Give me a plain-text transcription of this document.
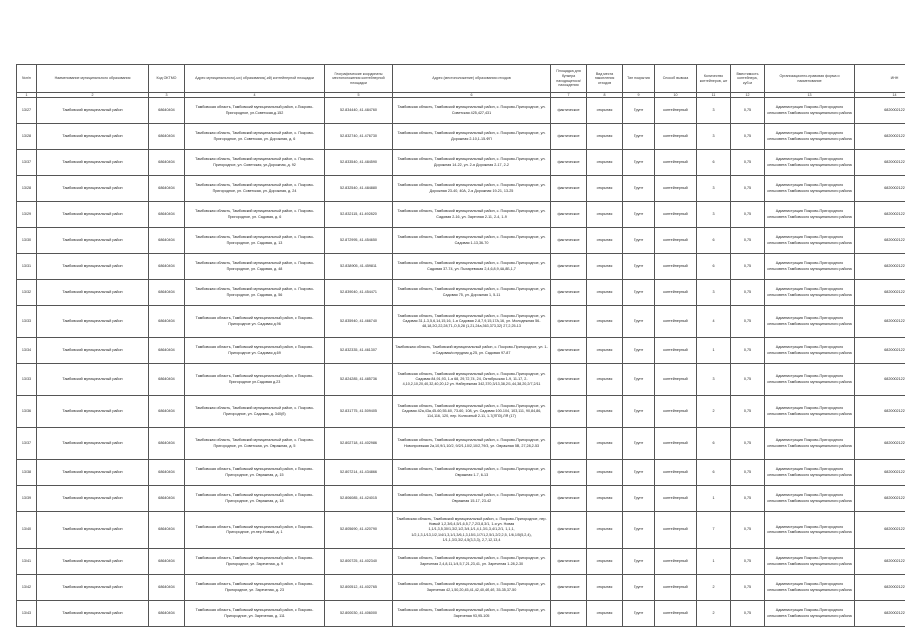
№п/п	Наименование муниципального образования	Код ОКТМО	Адрес муниципального(-ых) образования(-ий) контейнерной площадки	Географические координаты местоположения контейнерной площадки	Адрес (местоположение) образования отходов	Площадка для бункера находящегося/нахождения	Вид места накопления отходов	Тип покрытия	Способ вывоза	Количество контейнеров, шт	Вместимость контейнера, куб.м	Организационно-правовая форма и наименование	ИНН
1	2	3	4	5	6	7	8	9	10	11	12	13	14
13/27	Тамбовский муниципальный район	68640404	Тамбовская область, Тамбовский муниципальный район, с.Покрово-Пригородное, ул.Советская,д.152	52.834440, 41.484760	Тамбовская область, Тамбовский муниципальный район, с. Покрово-Пригородное, ул. Советская 425,427,431	фактическое	открытая	Грунт	контейнерный	3	0,75	Администрация Покрово-Пригородного сельсовета Тамбовского муниципального района	6820002122
13/28	Тамбовский муниципальный район	68640404	Тамбовская область, Тамбовский муниципальный район, с. Покрово-Пригородное, ул. Советская, ул. Дорожная, д. 6	52.832740, 41.476730	Тамбовская область, Тамбовский муниципальный район, с. Покрово-Пригородное, ул. Дорожная 2-10,1-15-ФП	фактическое	открытая	Грунт	контейнерный	3	0,75	Администрация Покрово-Пригородного сельсовета Тамбовского муниципального района	6820002122
13/37	Тамбовский муниципальный район	68640404	Тамбовская область, Тамбовский муниципальный район, с. Покрово-Пригородное, ул. Советская, ул.Дорожная, д. 92	52.833540, 41.484590	Тамбовская область, Тамбовский муниципальный район, с. Покрово-Пригородное, ул. Дорожная 14-22, ул. 2-я Дорожная 2-17, 2-2	фактическое	открытая	Грунт	контейнерный	6	0,75	Администрация Покрово-Пригородного сельсовета Тамбовского муниципального района	6820002122
13/28	Тамбовский муниципальный район	68640404	Тамбовская область, Тамбовский муниципальный район, с. Покрово-Пригородное, ул. Советская, ул. Дорожная, д. 24	52.832540, 41.484880	Тамбовская область, Тамбовский муниципальный район, с. Покрово-Пригородное, ул. Дорожная 23-40, 40А, 2-я Дорожная 19-21, 13-25	фактическое	открытая	Грунт	контейнерный	3	0,75	Администрация Покрово-Пригородного сельсовета Тамбовского муниципального района	6820002122
13/29	Тамбовский муниципальный район	68640404	Тамбовская область, Тамбовский муниципальный район, с. Покрово-Пригородное, ул. Садовая, д. 6	52.832115, 41.492820	Тамбовская область, Тамбовский муниципальный район, с. Покрово-Пригородное, ул. Садовая 2-16, ул. Заречная 2-11, 2-4, 1-9	фактическое	открытая	Грунт	контейнерный	3	0,75	Администрация Покрово-Пригородного сельсовета Тамбовского муниципального района	6820002122
13/30	Тамбовский муниципальный район	68640404	Тамбовская область, Тамбовский муниципальный район, с. Покрово-Пригородное, ул. Садовая, д. 13	52.872995, 41.454650	Тамбовская область, Тамбовский муниципальный район, с. Покрово-Пригородное, ул. Садовая 1-13,36-70	фактическое	открытая	Грунт	контейнерный	6	0,75	Администрация Покрово-Пригородного сельсовета Тамбовского муниципального района	6820002122
13/31	Тамбовский муниципальный район	68640404	Тамбовская область, Тамбовский муниципальный район, с. Покрово-Пригородное, ул. Садовая, д. 48	52.838905, 41.459811	Тамбовская область, Тамбовский муниципальный район, с. Покрово-Пригородное, ул. Садовая 37-74, ул. Пыхаревская 2,4,6,8,9,4А,8Б,1,7	фактическое	открытая	Грунт	контейнерный	6	0,75	Администрация Покрово-Пригородного сельсовета Тамбовского муниципального района	6820002122
13/32	Тамбовский муниципальный район	68640404	Тамбовская область, Тамбовский муниципальный район, с. Покрово-Пригородное, ул. Садовая, д. 56	52.839040, 41.454471	Тамбовская область, Тамбовский муниципальный район, с. Покрово-Пригородное, ул. Садовая 75, ул. Дорожная 1, 5-11	фактическое	открытая	Грунт	контейнерный	3	0,75	Администрация Покрово-Пригородного сельсовета Тамбовского муниципального района	6820002122
13/33	Тамбовский муниципальный район	68640404	Тамбовская область, Тамбовский муниципальный район, с Покрово-Пригородное ул. Садовая д.96	52.835940, 41.466740	Тамбовская область, Тамбовский муниципальный район, с. Покрово-Пригородное, ул. Садовая 31,1-3,5,6,14,15,16, 1-я Садовая 2-8,7,9,15,17А,16, ул. Молодежная 56-48,18,2О,22,28,Т1,О,5,28 (1,21,24а,363,373,32) 27,2,25-13	фактическое	открытая	Грунт	контейнерный	4	0,75	Администрация Покрово-Пригородного сельсовета Тамбовского муниципального района	6820002122
13/34	Тамбовский муниципальный район	68640404	Тамбовская область, Тамбовский муниципальный район, с Покрово-Пригородное ул. Садовая д.69	52.832335, 41.461307	Тамбовская область, Тамбовский муниципальный район, с. Покрово-Пригородное, ул. 1-я Садовая/сотрудник д.25, ул. Садовая 97-87	фактическое	открытая	Грунт	контейнерный	1	0,75	Администрация Покрово-Пригородного сельсовета Тамбовского муниципального района	6820002122
13/33	Тамбовский муниципальный район	68640404	Тамбовская область, Тамбовский муниципальный район, с Покрово-Пригородное ул.Садовая д.23	52.824285, 41.485736	Тамбовская область, Тамбовский муниципальный район, с. Покрово-Пригородное, ул. Садовая 84,91,93, 1-я 68, 29,72,74, 24, Октябрьская 1-9, 11-17, 2-4,10,2,10,20,40,32,40,20,12 ул. Набережная 342,370,3/13,38,2/1,44,38,20,2/7,2/11	фактическое	открытая	Грунт	контейнерный	3	0,75	Администрация Покрово-Пригородного сельсовета Тамбовского муниципального района	6820002122
13/36	Тамбовский муниципальный район	68640404	Тамбовская область, Тамбовский муниципальный район, с. Покрово-Пригородное, ул. Садовая, д. 340(б)	52.831775, 41.509405	Тамбовская область, Тамбовский муниципальный район, с. Покрово-Пригородное, ул. Садовая 42а,43а,45-60,55-60, 73-60, 108, ул. Садовая 100-104, 103,111, 90,84,86, 114,116, 120, пер. Колхозный 2-11, 1-7(ЛПЗ),ЛЯ (17)	фактическое	открытая	Грунт	контейнерный	2	0,75	Администрация Покрово-Пригородного сельсовета Тамбовского муниципального района	6820002122
13/37	Тамбовский муниципальный район	68640404	Тамбовская область, Тамбовский муниципальный район, с. Покрово-Пригородное, ул. Советская, ул. Овражная, д. 5	52.802718, 41.402986	Тамбовская область, Тамбовский муниципальный район, с. Покрово-Пригородное, ул. Новопроезжая 2а,10,9/1,10/2, 9/2/1,10/2,10/2,79/3, ул. Овражная 5В, 27,28,2-53	фактическое	открытая	Грунт	контейнерный	6	0,75	Администрация Покрово-Пригородного сельсовета Тамбовского муниципального района	6820002122
13/38	Тамбовский муниципальный район	68640404	Тамбовская область, Тамбовский муниципальный район, с Покрово-Пригородное, ул. Овражная, д. 15	52.807214, 41.434866	Тамбовская область, Тамбовский муниципальный район, с. Покрово-Пригородное, ул. Овражная 1-7, 6-13	фактическое	открытая	Грунт	контейнерный	6	0,75	Администрация Покрово-Пригородного сельсовета Тамбовского муниципального района	6820002122
13/39	Тамбовский муниципальный район	68640404	Тамбовская область, Тамбовский муниципальный район, с Покрово-Пригородное, ул. Овражная, д. 18	52.806085, 41.424015	Тамбовская область, Тамбовский муниципальный район, с. Покрово-Пригородное, ул. Овражная 15-17, 23-42	фактическое	открытая	Грунт	контейнерный	1	0,75	Администрация Покрово-Пригородного сельсовета Тамбовского муниципального района	6820002122
13/40	Тамбовский муниципальный район	68640404	Тамбовская область, Тамбовский муниципальный район, с Покрово-Пригородное, ул.пер.Новый, д. 1	52.805690, 41.420790	Тамбовская область, Тамбовский муниципальный район, с. Покрово-Пригородное, пер. Новый 1,2,3/6,4,5/1,6,5,7,7,2/3,8,3/1, 1-я ул. Новая 1,1/1,3,5,30/1,3/2,1/2,3/4,1/1,4,1,3/1,3,4/1,2/1, 1,1,1, 1/2,1,3,1/13,1/2,1/4/1,3,1/1,3/6,1,3,15/1,1/7/1,2,5/1,2/2,2,5, 1/6,1/5(5,2,4), 1/1,1,3/3,3/2,4,5(3,3,3), 2,7,12,13,4	фактическое	открытая	Грунт	контейнерный	7	0,75	Администрация Покрово-Пригородного сельсовета Тамбовского муниципального района	6820002122
13/41	Тамбовский муниципальный район	68640404	Тамбовская область, Тамбовский муниципальный район, с Покрово-Пригородное, ул. Зареченая, д. 9	52.800725, 41.402340	Тамбовская область, Тамбовский муниципальный район, с. Покрово-Пригородное, ул. Зареченая 2,4,8,11,1/4,5,7,21,23,41, ул. Зареченая 1-28,2-30	фактическое	открытая	Грунт	контейнерный	1	0,75	Администрация Покрово-Пригородного сельсовета Тамбовского муниципального района	6820002122
13/42	Тамбовский муниципальный район	68640404	Тамбовская область, Тамбовский муниципальный район, с Покрово-Пригородное, ул. Зареченая, д. 23	52.800512, 41.402765	Тамбовская область, Тамбовский муниципальный район, с. Покрово-Пригородное, ул. Зареченая 42,1,50,20,45,41,42,40,4б,4б, 35-35,37-50	фактическое	открытая	Грунт	контейнерный	2	0,75	Администрация Покрово-Пригородного сельсовета Тамбовского муниципального района	6820002122
13/43	Тамбовский муниципальный район	68640404	Тамбовская область, Тамбовский муниципальный район, с Покрово-Пригородное, ул. Зареченая, д. 111	52.800030, 41.406000	Тамбовская область, Тамбовский муниципальный район, с. Покрово-Пригородное, ул. Зареченая 93,95-105	фактическое	открытая	Грунт	контейнерный	2	0,75	Администрация Покрово-Пригородного сельсовета Тамбовского муниципального района	6820002122
